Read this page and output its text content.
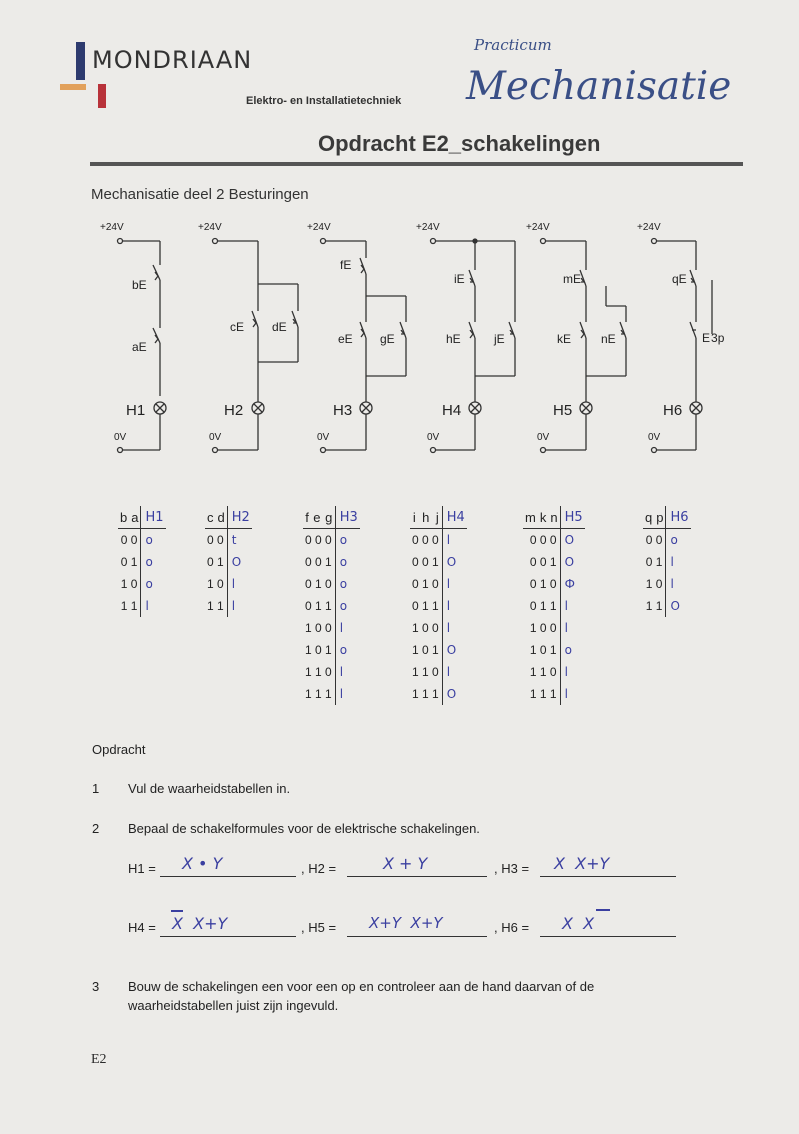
MONDRIAAN
Elektro- en Installatietechniek
Practicum
Mechanisatie
Opdracht E2_schakelingen
Mechanisatie deel 2 Besturingen
+24V
bE
aE
H1
0V
+24V
cE dE
H2
0V
+24V
fE
eE gE
H3
0V
+24V
iE
hE	jE
H4
0V
+24V
mE
kE nE
H5
0V
+24V
qE
E3p
H6
0V
b	a	H1
0 0		o
0 1		o
1 0		o
1 1		l
c	d	H2
0 0		t
0 1		O
1 0		l
1 1		l
f	e	g	H3
0 0 0			o
0 0 1			o
0 1 0			o
0 1 1			o
1 0 0			l
1 0 1			o
1 1 0			l
1 1 1			l
i	h	j	H4
0 0 0			l
0 0 1			O
0 1 0			l
0 1 1			l
1 0 0			l
1 0 1			O
1 1 0			l
1 1 1			O
m	k	n	H5
0 0 0			O
0 0 1			O
0 1 0			Ф
0 1 1			l
1 0 0			l
1 0 1			o
1 1 0			l
1 1 1			l
q	p	H6
0 0		o
0 1		l
1 0		l
1 1		O
Opdracht
1 Vul de waarheidstabellen in.
2 Bepaal de schakelformules voor de elektrische schakelingen.
H1 = X • Y	, H2 =	X + Y	, H3 = X  X+Y
H4 = X  X+Y	, H5 = X+Y  X+Y	, H6 = X  X
3 Bouw de schakelingen een voor een op en controleer aan de hand daarvan of de
waarheidstabellen juist zijn ingevuld.
E2
